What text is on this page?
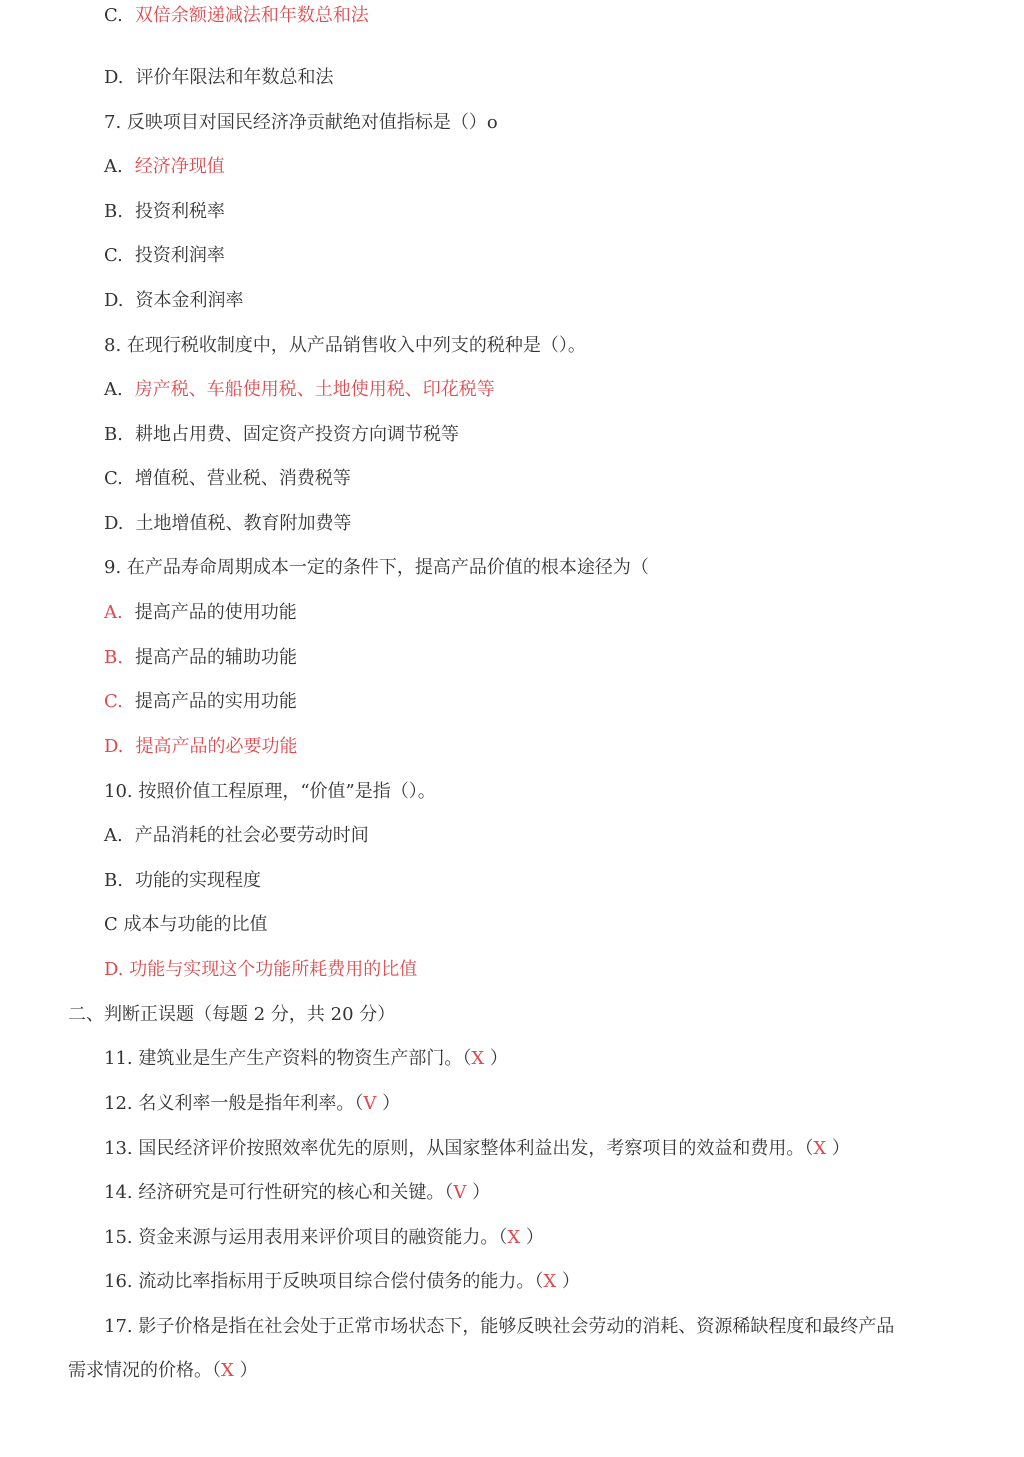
C. 双倍余额递减法和年数总和法
D. 评价年限法和年数总和法
7. 反映项目对国民经济净贡献绝对值指标是（）o
A. 经济净现值
B. 投资利税率
C. 投资利润率
D. 资本金利润率
8. 在现行税收制度中，从产品销售收入中列支的税种是（）。
A. 房产税、车船使用税、土地使用税、印花税等
B. 耕地占用费、固定资产投资方向调节税等
C. 增值税、营业税、消费税等
D. 土地增值税、教育附加费等
9. 在产品寿命周期成本一定的条件下，提高产品价值的根本途径为（
A. 提高产品的使用功能
B. 提高产品的辅助功能
C. 提高产品的实用功能
D. 提高产品的必要功能
10. 按照价值工程原理，“价值”是指（）。
A. 产品消耗的社会必要劳动时间
B. 功能的实现程度
C 成本与功能的比值
D. 功能与实现这个功能所耗费用的比值
二、判断正误题（每题 2 分，共 20 分）
11. 建筑业是生产生产资料的物资生产部门。（X ）
12. 名义利率一般是指年利率。（V ）
13. 国民经济评价按照效率优先的原则，从国家整体利益出发，考察项目的效益和费用。（X ）
14. 经济研究是可行性研究的核心和关键。（V ）
15. 资金来源与运用表用来评价项目的融资能力。（X ）
16. 流动比率指标用于反映项目综合偿付债务的能力。（X ）
17. 影子价格是指在社会处于正常市场状态下，能够反映社会劳动的消耗、资源稀缺程度和最终产品
需求情况的价格。（X ）
